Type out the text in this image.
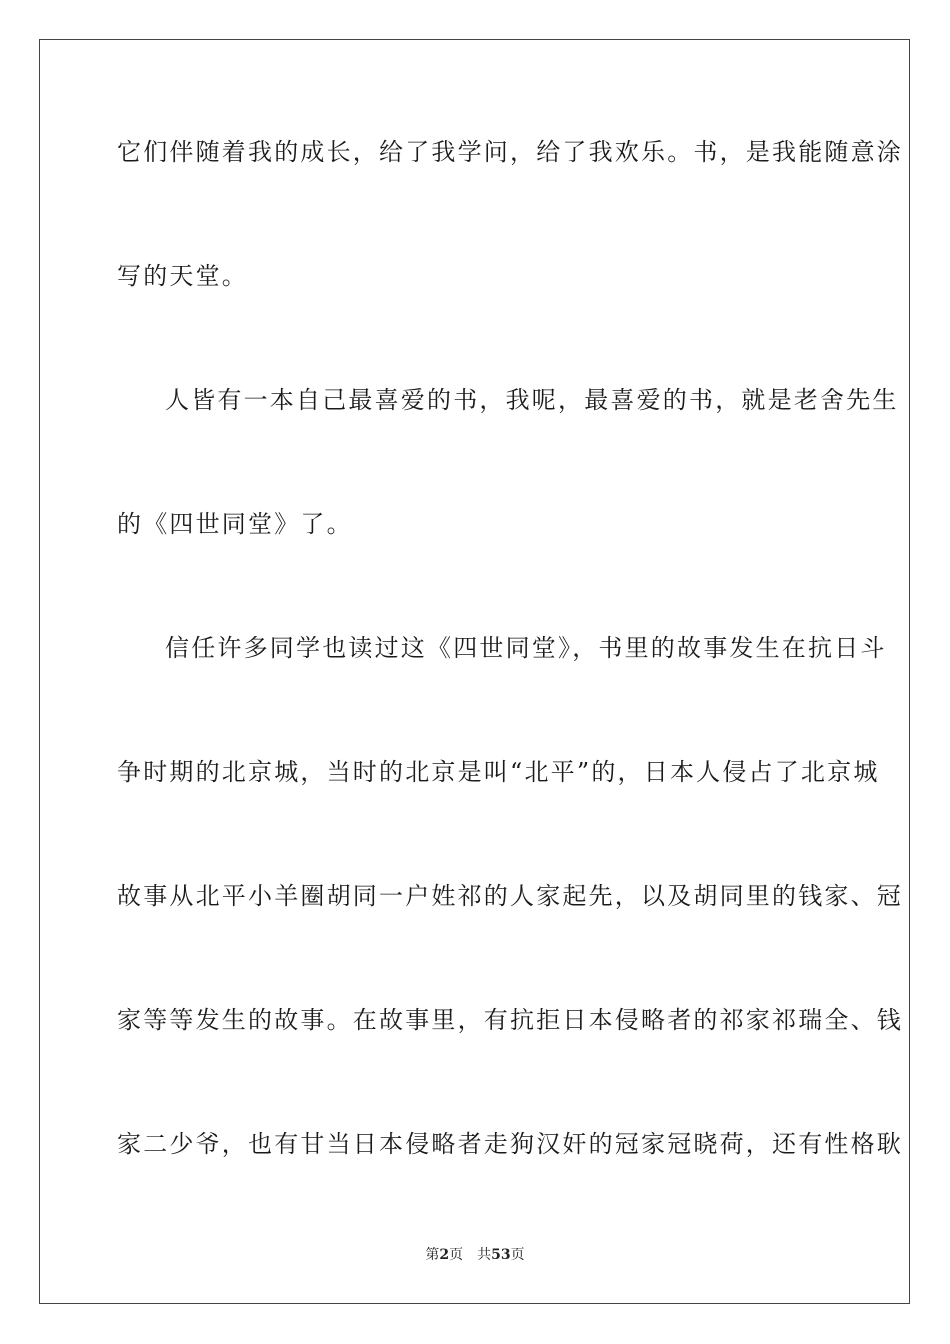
它们伴随着我的成长，给了我学问，给了我欢乐。书，是我能随意涂
写的天堂。
人皆有一本自己最喜爱的书，我呢，最喜爱的书，就是老舍先生
的《四世同堂》了。
信任许多同学也读过这《四世同堂》，书里的故事发生在抗日斗
争时期的北京城，当时的北京是叫“北平”的，日本人侵占了北京城
故事从北平小羊圈胡同一户姓祁的人家起先，以及胡同里的钱家、冠
家等等发生的故事。在故事里，有抗拒日本侵略者的祁家祁瑞全、钱
家二少爷，也有甘当日本侵略者走狗汉奸的冠家冠晓荷，还有性格耿
第2页 共53页
